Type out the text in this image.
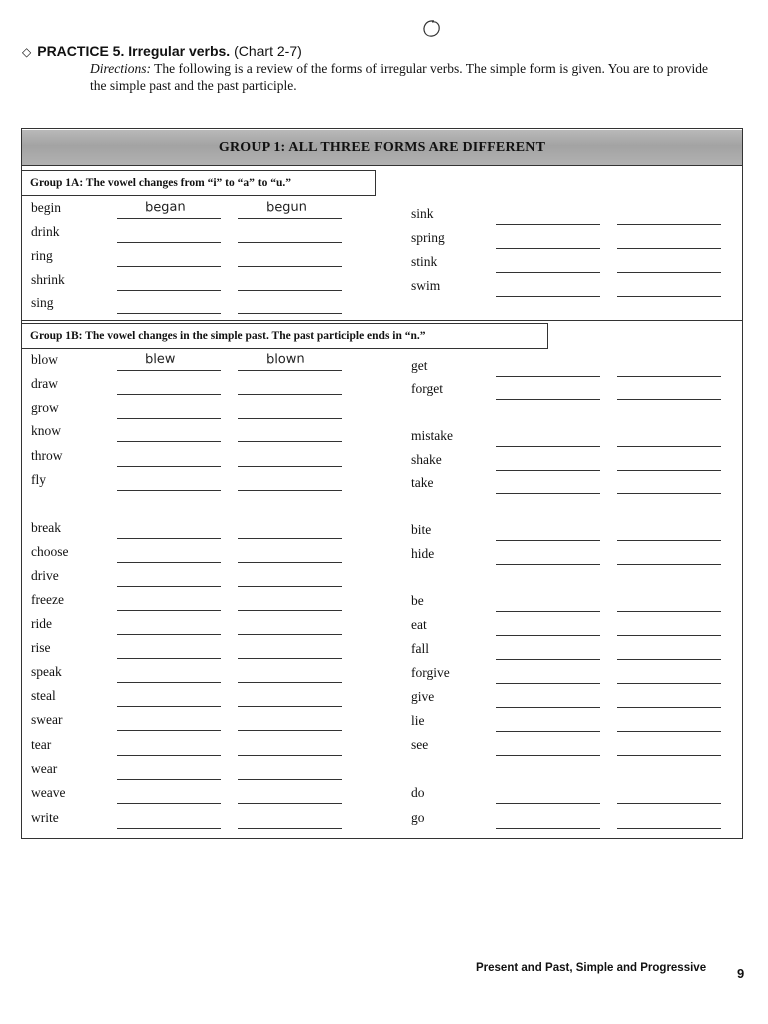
◇ PRACTICE 5. Irregular verbs. (Chart 2-7)
Directions: The following is a review of the forms of irregular verbs. The simple form is given. You are to provide the simple past and the past participle.
GROUP 1: ALL THREE FORMS ARE DIFFERENT
Group 1A: The vowel changes from “i” to “a” to “u.”
Group 1B: The vowel changes in the simple past. The past participle ends in “n.”
begin	began	begun
drink
ring
shrink
sing
sink
spring
stink
swim
blow	blew	blown
draw
grow
know
throw
fly
break
choose
drive
freeze
ride
rise
speak
steal
swear
tear
wear
weave
write
get
forget
mistake
shake
take
bite
hide
be
eat
fall
forgive
give
lie
see
do
go
Present and Past, Simple and Progressive 9
